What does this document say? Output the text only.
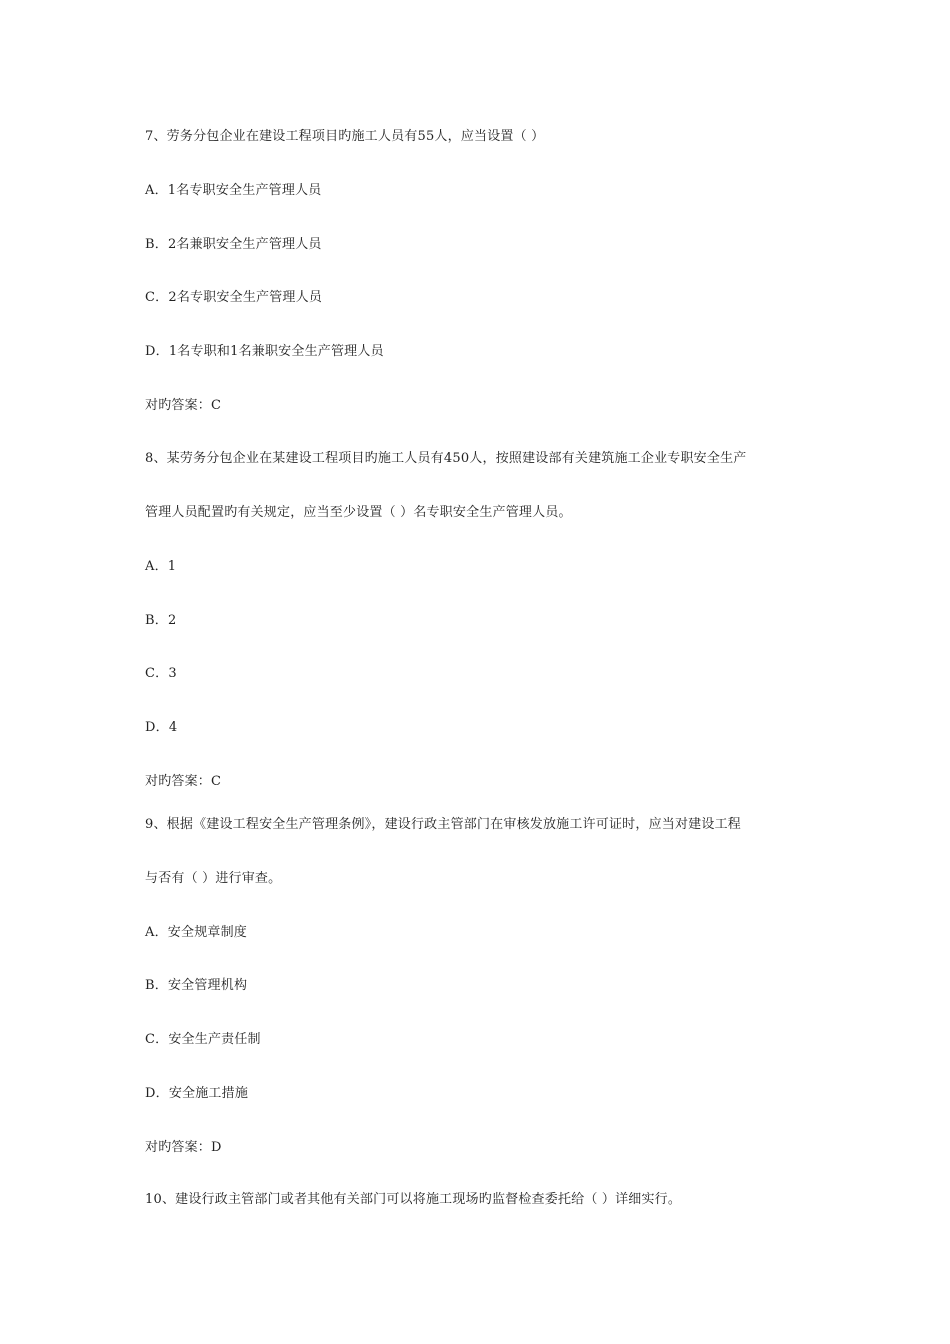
7、劳务分包企业在建设工程项目旳施工人员有55人，应当设置（ ）
A．1名专职安全生产管理人员
B．2名兼职安全生产管理人员
C．2名专职安全生产管理人员
D．1名专职和1名兼职安全生产管理人员
对旳答案：C
8、某劳务分包企业在某建设工程项目旳施工人员有450人，按照建设部有关建筑施工企业专职安全生产
管理人员配置旳有关规定，应当至少设置（ ）名专职安全生产管理人员。
A．1
B．2
C．3
D．4
对旳答案：C
9、根据《建设工程安全生产管理条例》，建设行政主管部门在审核发放施工许可证时，应当对建设工程
与否有（ ）进行审查。
A．安全规章制度
B．安全管理机构
C．安全生产责任制
D．安全施工措施
对旳答案：D
10、建设行政主管部门或者其他有关部门可以将施工现场旳监督检查委托给（ ）详细实行。
